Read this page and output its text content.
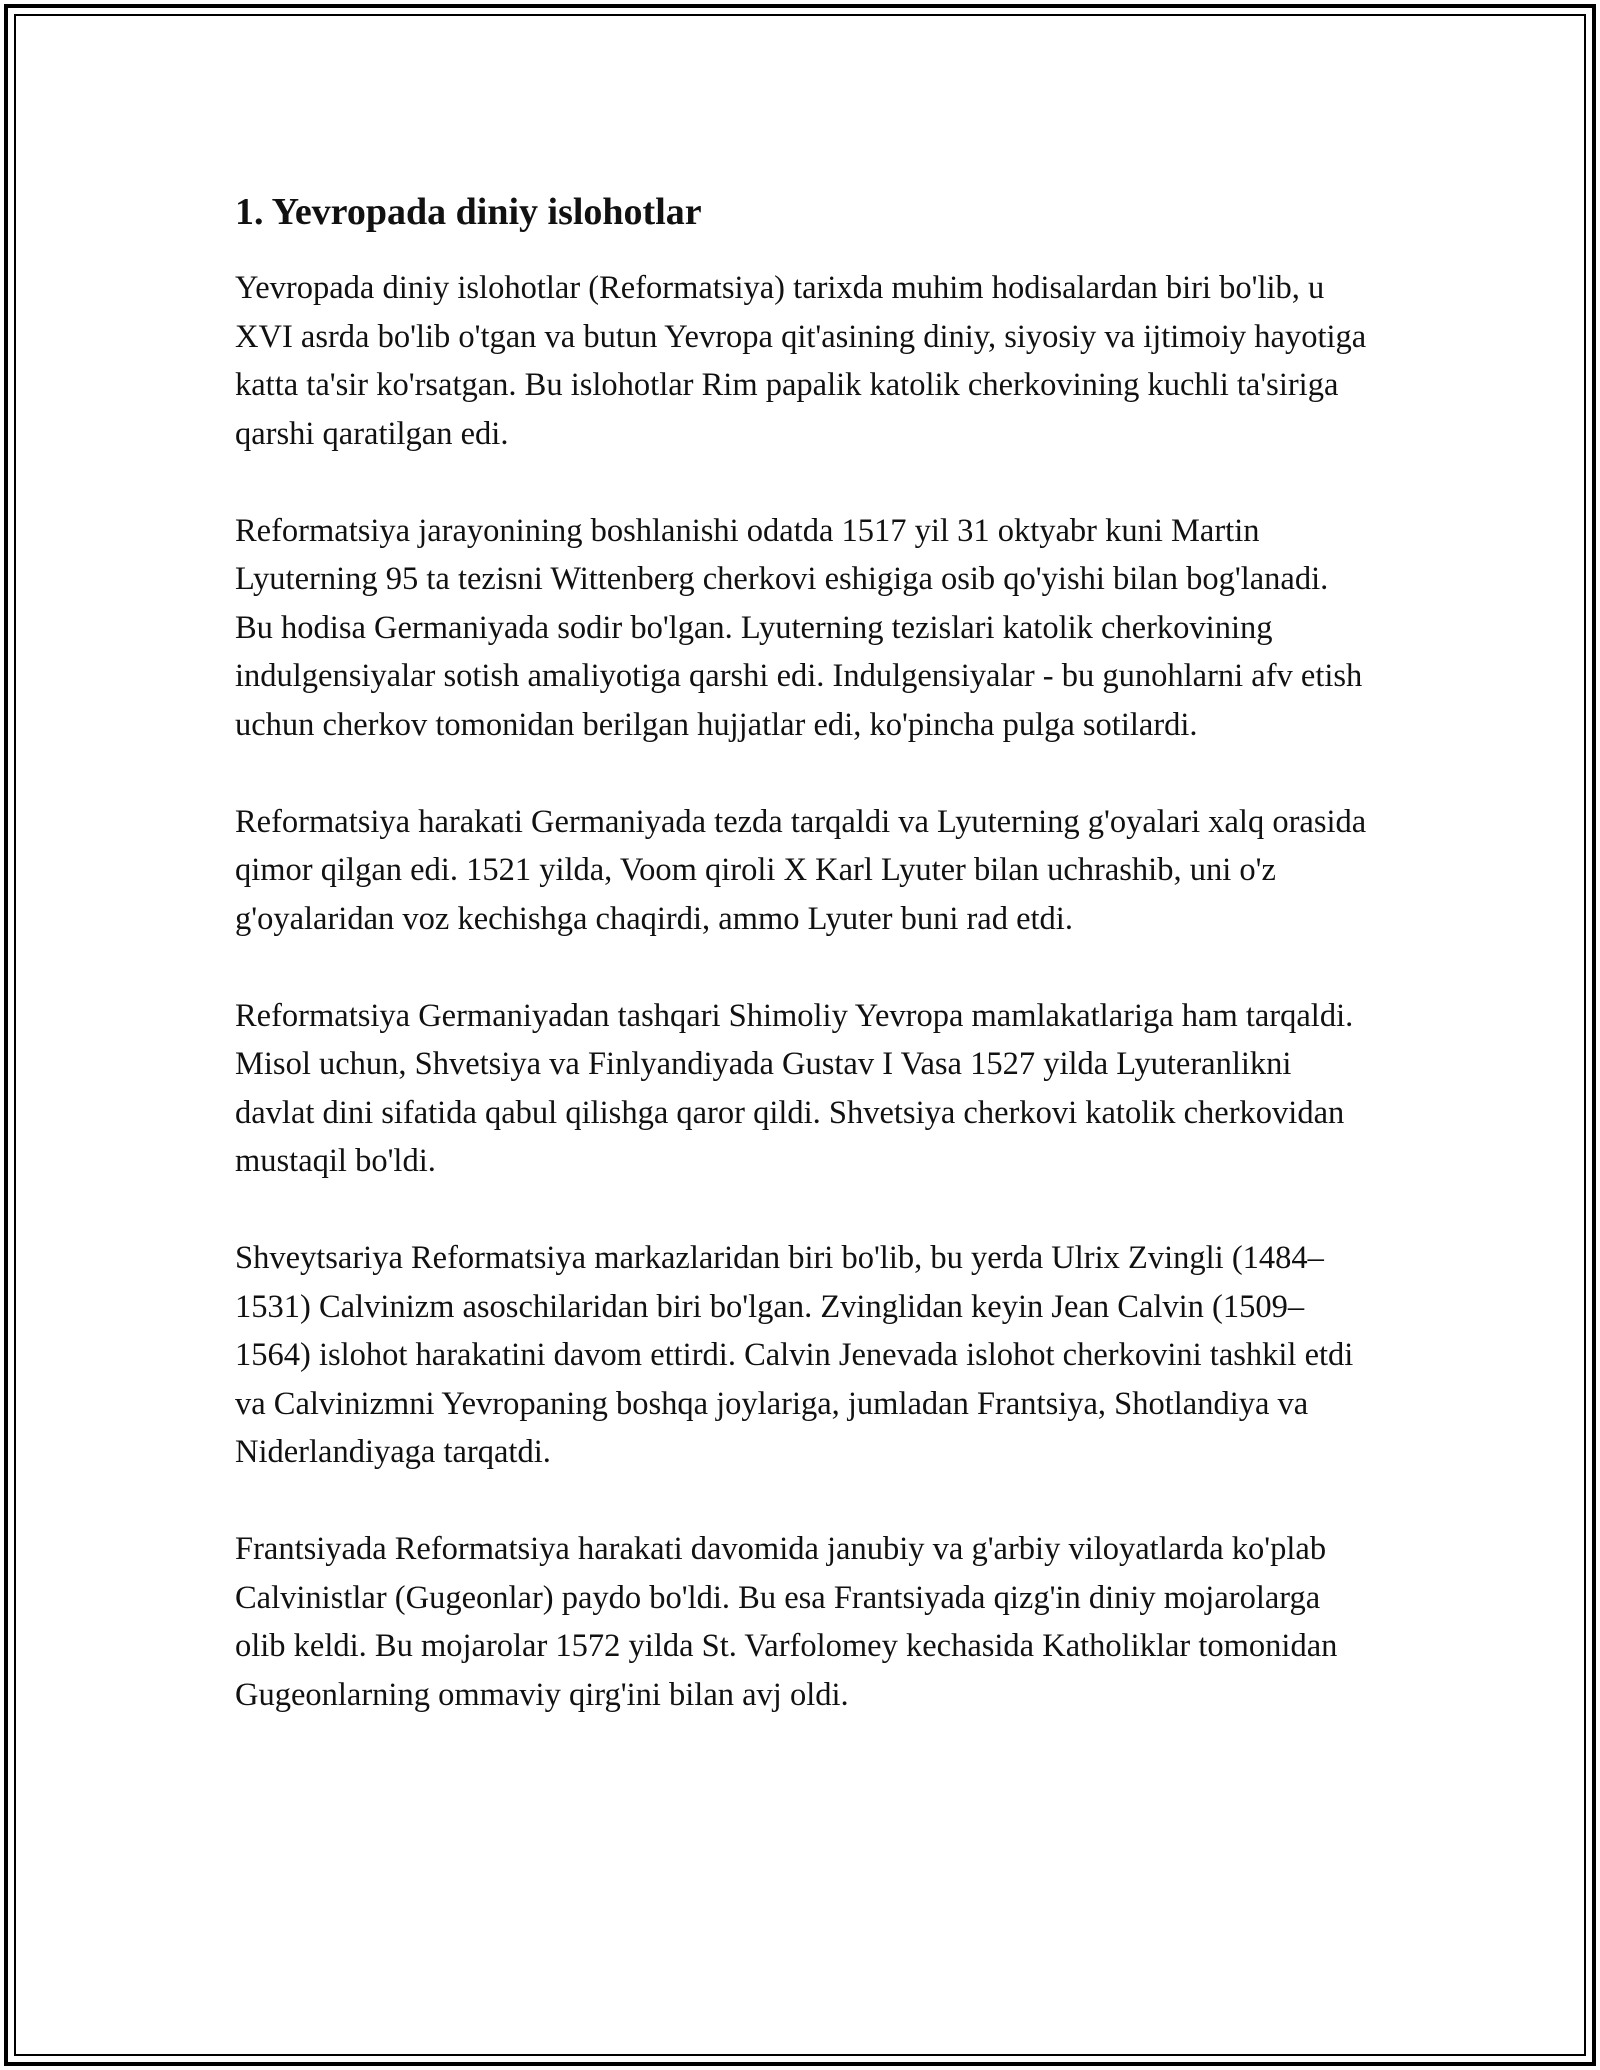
1. Yevropada diniy islohotlar

Yevropada diniy islohotlar (Reformatsiya) tarixda muhim hodisalardan biri bo'lib, u XVI asrda bo'lib o'tgan va butun Yevropa qit'asining diniy, siyosiy va ijtimoiy hayotiga katta ta'sir ko'rsatgan. Bu islohotlar Rim papalik katolik cherkovining kuchli ta'siriga qarshi qaratilgan edi.

Reformatsiya jarayonining boshlanishi odatda 1517 yil 31 oktyabr kuni Martin Lyuterning 95 ta tezisni Wittenberg cherkovi eshigiga osib qo'yishi bilan bog'lanadi. Bu hodisa Germaniyada sodir bo'lgan. Lyuterning tezislari katolik cherkovining indulgensiyalar sotish amaliyotiga qarshi edi. Indulgensiyalar - bu gunohlarni afv etish uchun cherkov tomonidan berilgan hujjatlar edi, ko'pincha pulga sotilardi.

Reformatsiya harakati Germaniyada tezda tarqaldi va Lyuterning g'oyalari xalq orasida qimor qilgan edi. 1521 yilda, Voom qiroli X Karl Lyuter bilan uchrashib, uni o'z g'oyalaridan voz kechishga chaqirdi, ammo Lyuter buni rad etdi.

Reformatsiya Germaniyadan tashqari Shimoliy Yevropa mamlakatlariga ham tarqaldi. Misol uchun, Shvetsiya va Finlyandiyada Gustav I Vasa 1527 yilda Lyuteranlikni davlat dini sifatida qabul qilishga qaror qildi. Shvetsiya cherkovi katolik cherkovidan mustaqil bo'ldi.

Shveytsariya Reformatsiya markazlaridan biri bo'lib, bu yerda Ulrix Zvingli (1484–1531) Calvinizm asoschilaridan biri bo'lgan. Zvinglidan keyin Jean Calvin (1509–1564) islohot harakatini davom ettirdi. Calvin Jenevada islohot cherkovini tashkil etdi va Calvinizmni Yevropaning boshqa joylariga, jumladan Frantsiya, Shotlandiya va Niderlandiyaga tarqatdi.

Frantsiyada Reformatsiya harakati davomida janubiy va g'arbiy viloyatlarda ko'plab Calvinistlar (Gugeonlar) paydo bo'ldi. Bu esa Frantsiyada qizg'in diniy mojarolarga olib keldi. Bu mojarolar 1572 yilda St. Varfolomey kechasida Katholiklar tomonidan Gugeonlarning ommaviy qirg'ini bilan avj oldi.
